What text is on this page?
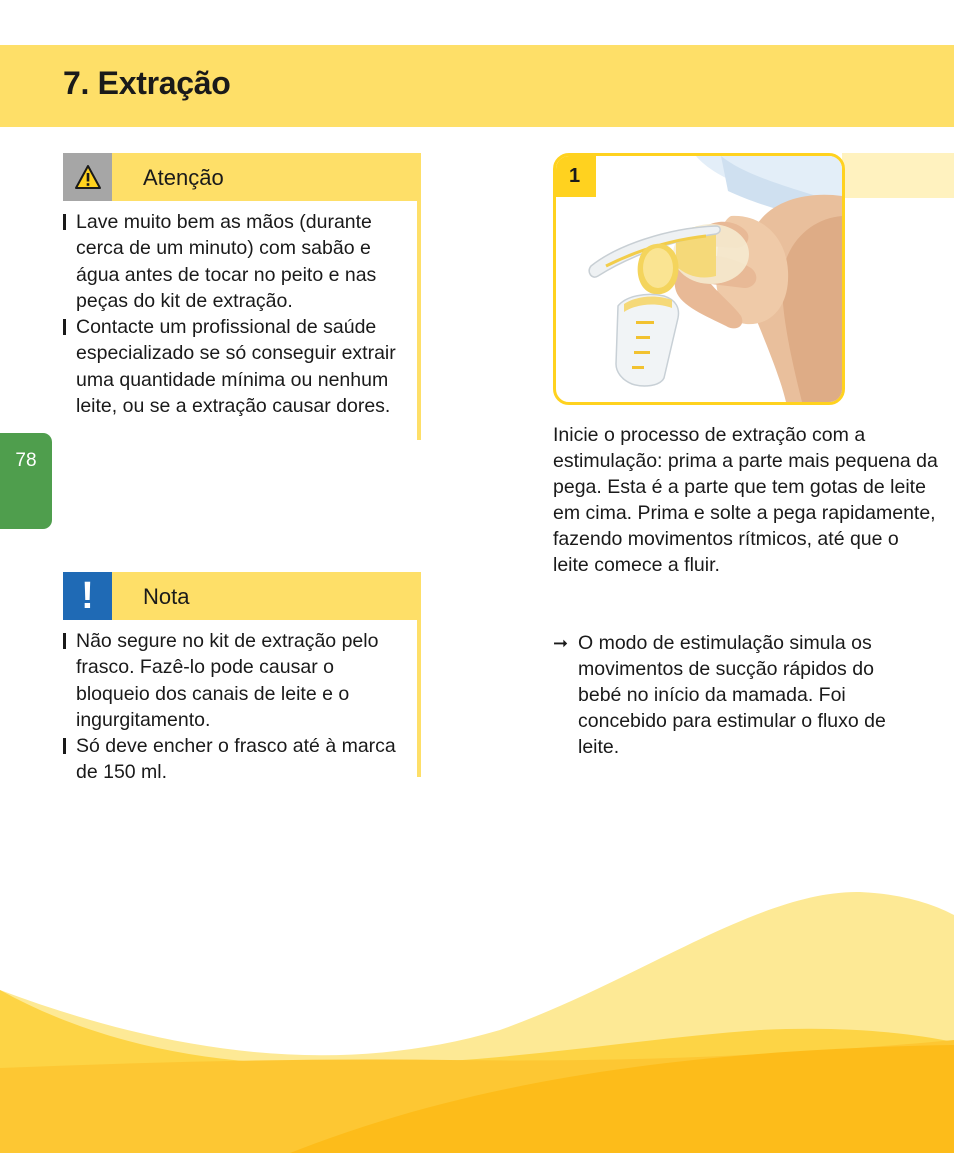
7. Extração
78
Atenção
Lave muito bem as mãos (durante cerca de um minuto) com sabão e água antes de tocar no peito e nas peças do kit de extração.
Contacte um profissional de saúde especializado se só conseguir extrair uma quantidade mínima ou nenhum leite, ou se a extração causar dores.
!	Nota
Não segure no kit de extração pelo frasco. Fazê-lo pode causar o bloqueio dos canais de leite e o ingurgitamento.
Só deve encher o frasco até à marca de 150 ml.
1

Inicie o processo de extração com a estimulação: prima a parte mais pequena da pega. Esta é a parte que tem gotas de leite em cima. Prima e solte a pega rapidamente, fazendo movimentos rítmicos, até que o leite comece a fluir.

➞ O modo de estimulação simula os movimentos de sucção rápidos do bebé no início da mamada. Foi concebido para estimular o fluxo de leite.
